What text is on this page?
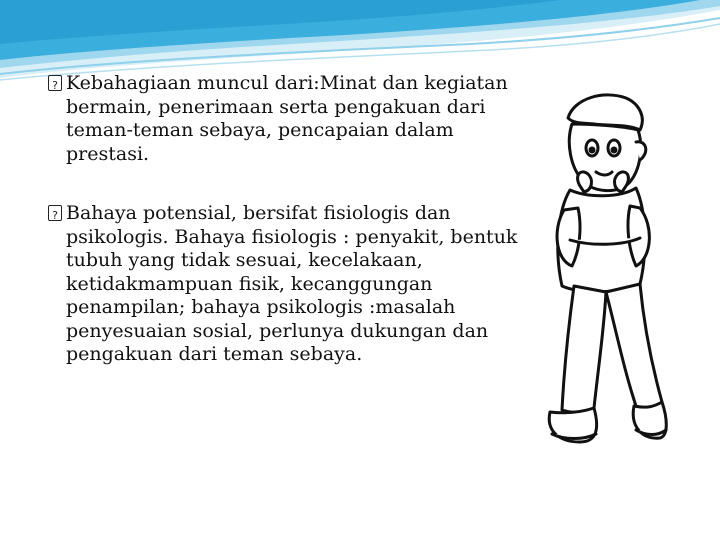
?
Kebahagiaan muncul dari:Minat dan kegiatan bermain, penerimaan serta pengakuan dari teman-teman sebaya, pencapaian dalam prestasi.
?
Bahaya potensial, bersifat fisiologis dan psikologis. Bahaya fisiologis : penyakit, bentuk tubuh yang tidak sesuai, kecelakaan, ketidakmampuan fisik, kecanggungan penampilan; bahaya psikologis :masalah penyesuaian sosial, perlunya dukungan dan pengakuan dari teman sebaya.
